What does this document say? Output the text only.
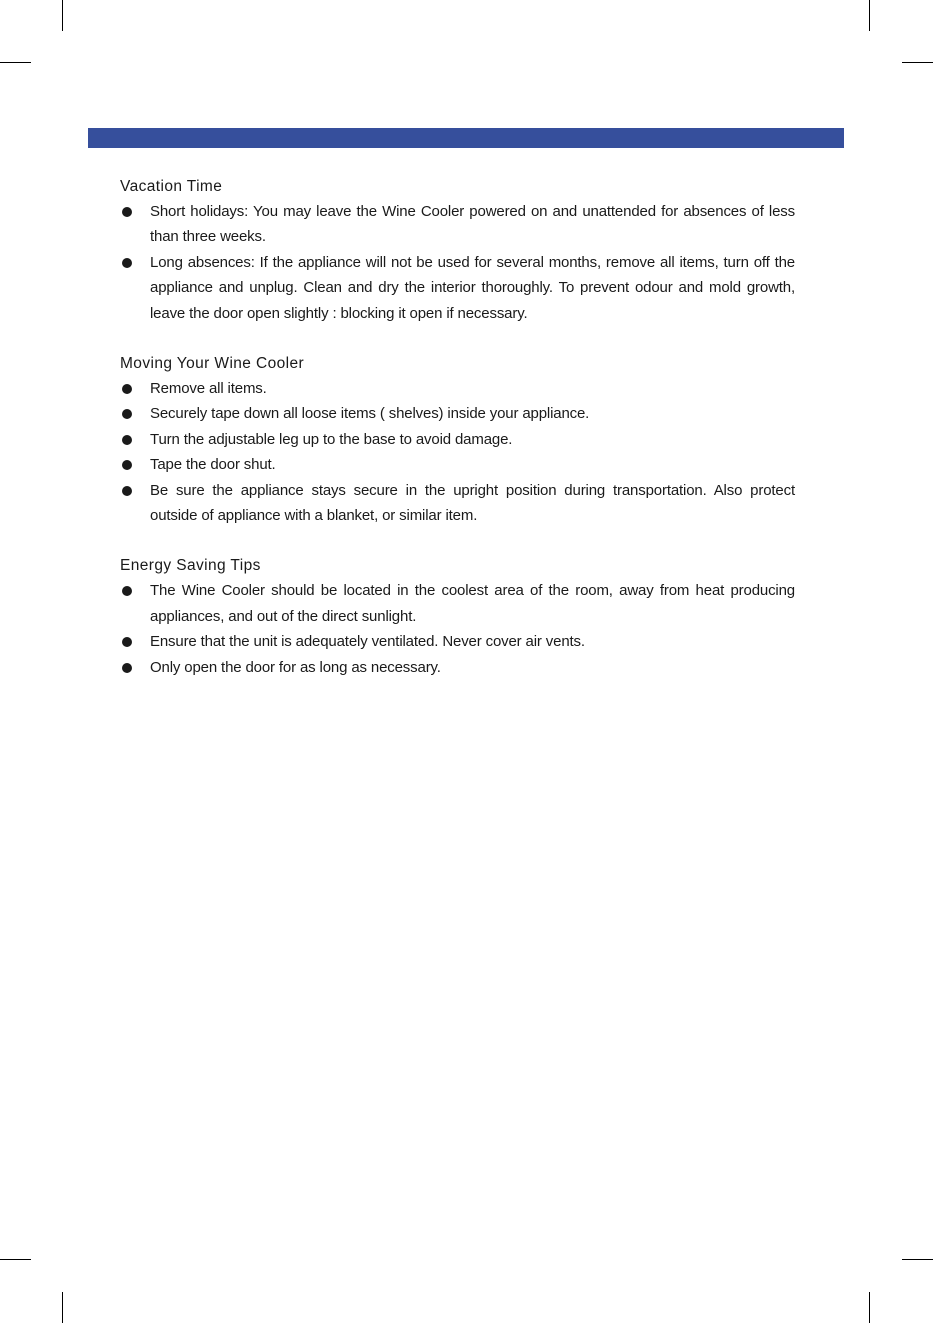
Vacation Time
Short holidays: You may leave the Wine Cooler powered on and unattended for absences of less than three weeks.
Long absences: If the appliance will not be used for several months, remove all items, turn off the appliance and unplug. Clean and dry the interior thoroughly. To prevent odour and mold growth, leave the door open slightly : blocking it open if necessary.
Moving Your Wine Cooler
Remove all items.
Securely tape down all loose items ( shelves) inside your appliance.
Turn the adjustable leg up to the base to avoid damage.
Tape the door shut.
Be sure the appliance stays secure in the upright position during transportation. Also protect outside of appliance with a blanket, or similar item.
Energy Saving Tips
The Wine Cooler should be located in the coolest area of the room, away from heat producing appliances, and out of the direct sunlight.
Ensure that the unit is adequately ventilated. Never cover air vents.
Only open the door for as long as necessary.
